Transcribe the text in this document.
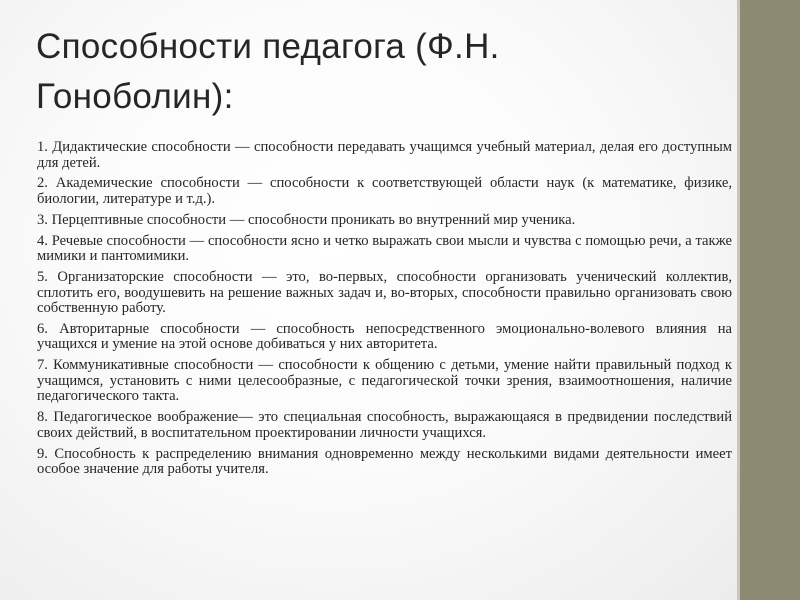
Способности педагога (Ф.Н. Гоноболин):

1. Дидактические способности — способности передавать учащимся учебный материал, делая его доступным для детей.

2. Академические способности — способности к соответствующей области наук (к математике, физике, биологии, литературе и т.д.).

3. Перцептивные способности — способности проникать во внутренний мир ученика.

4. Речевые способности — способности ясно и четко выражать свои мысли и чувства с помощью речи, а также мимики и пантомимики.

5. Организаторские способности — это, во-первых, способности организовать ученический коллектив, сплотить его, воодушевить на решение важных задач и, во-вторых, способности правильно организовать свою собственную работу.

6. Авторитарные способности — способность непосредственного эмоционально-волевого влияния на учащихся и умение на этой основе добиваться у них авторитета.

7. Коммуникативные способности — способности к общению с детьми, умение найти правильный подход к учащимся, установить с ними целесообразные, с педагогической точки зрения, взаимоотношения, наличие педагогического такта.

8. Педагогическое воображение— это специальная способность, выражающаяся в предвидении последствий своих действий, в воспитательном проектировании личности учащихся.

9. Способность к распределению внимания одновременно между несколькими видами деятельности имеет особое значение для работы учителя.
